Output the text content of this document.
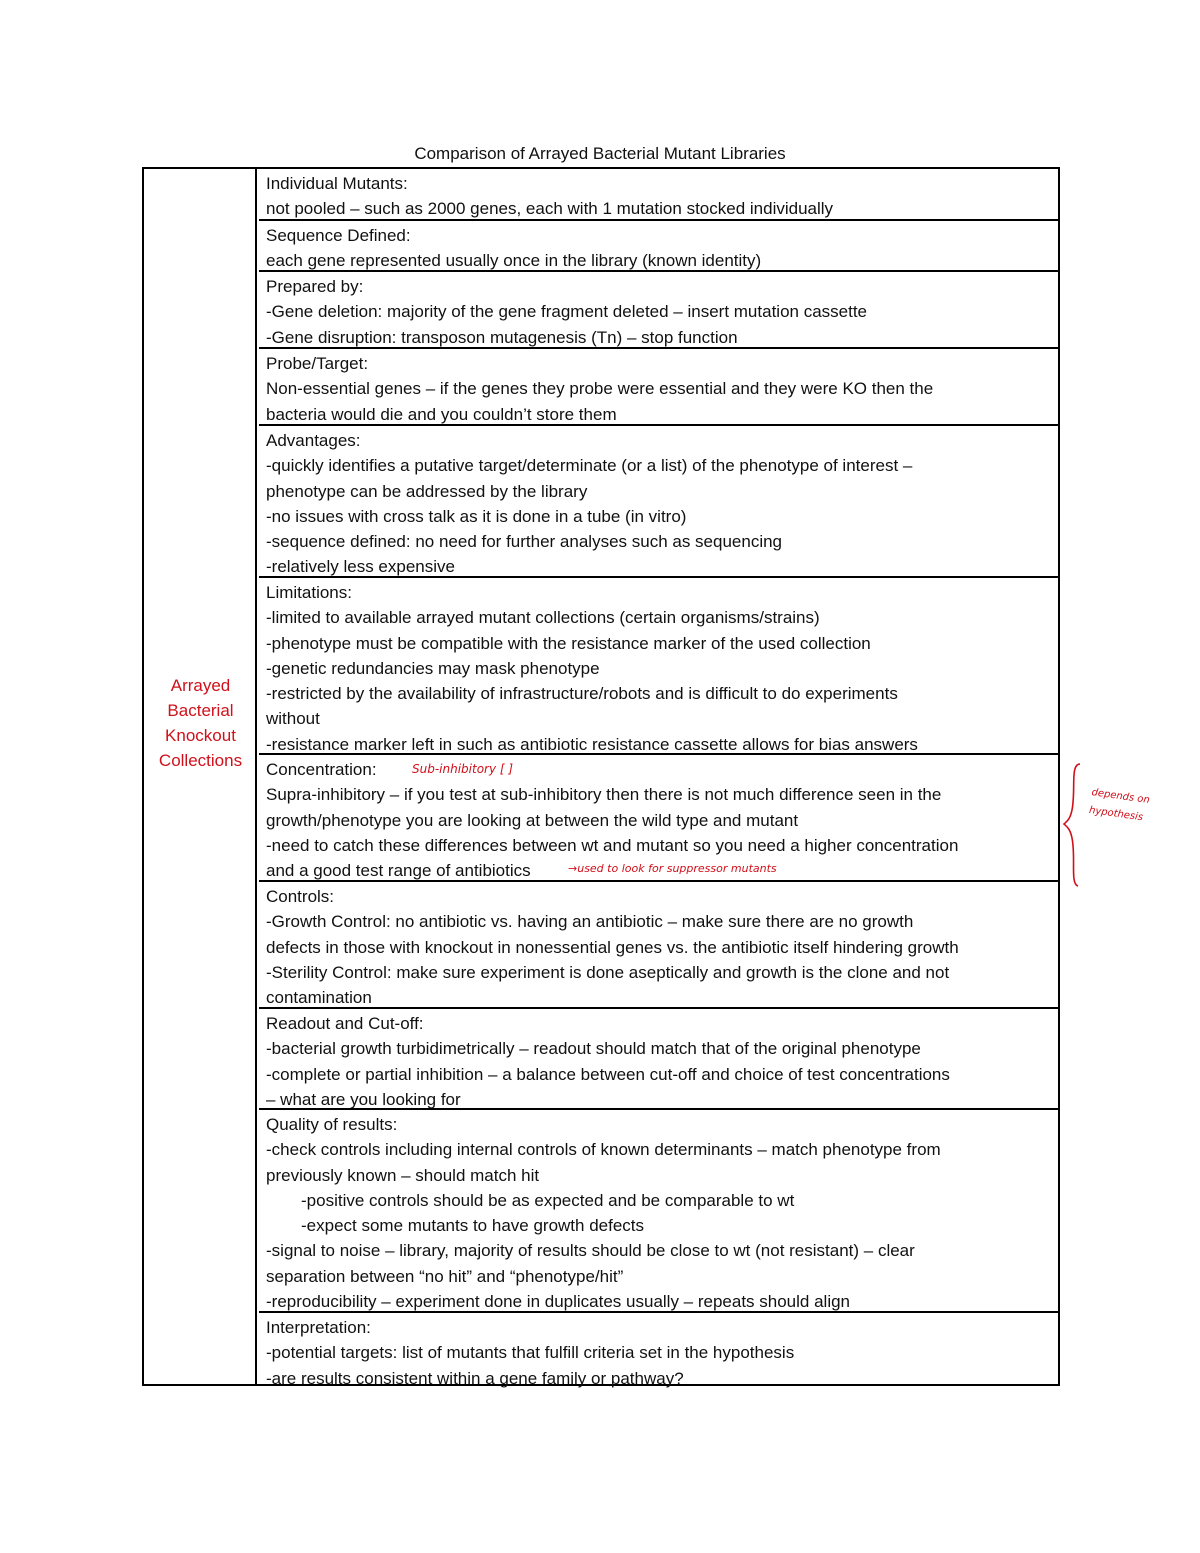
Comparison of Arrayed Bacterial Mutant Libraries
Arrayed
Bacterial
Knockout
Collections

Individual Mutants:

not pooled – such as 2000 genes, each with 1 mutation stocked individually

Sequence Defined:

each gene represented usually once in the library (known identity)

Prepared by:

-Gene deletion: majority of the gene fragment deleted – insert mutation cassette

-Gene disruption: transposon mutagenesis (Tn) – stop function

Probe/Target:

Non-essential genes – if the genes they probe were essential and they were KO then the

bacteria would die and you couldn’t store them

Advantages:

-quickly identifies a putative target/determinate (or a list) of the phenotype of interest –

phenotype can be addressed by the library

-no issues with cross talk as it is done in a tube (in vitro)

-sequence defined: no need for further analyses such as sequencing

-relatively less expensive

Limitations:

-limited to available arrayed mutant collections (certain organisms/strains)

-phenotype must be compatible with the resistance marker of the used collection

-genetic redundancies may mask phenotype

-restricted by the availability of infrastructure/robots and is difficult to do experiments

without

-resistance marker left in such as antibiotic resistance cassette allows for bias answers

Concentration:

Supra-inhibitory – if you test at sub-inhibitory then there is not much difference seen in the

growth/phenotype you are looking at between the wild type and mutant

-need to catch these differences between wt and mutant so you need a higher concentration

and a good test range of antibiotics

Controls:

-Growth Control: no antibiotic vs. having an antibiotic – make sure there are no growth

defects in those with knockout in nonessential genes vs. the antibiotic itself hindering growth

-Sterility Control: make sure experiment is done aseptically and growth is the clone and not

contamination

Readout and Cut-off:

-bacterial growth turbidimetrically – readout should match that of the original phenotype

-complete or partial inhibition – a balance between cut-off and choice of test concentrations

– what are you looking for

Quality of results:

-check controls including internal controls of known determinants – match phenotype from

previously known – should match hit

-positive controls should be as expected and be comparable to wt

-expect some mutants to have growth defects

-signal to noise – library, majority of results should be close to wt (not resistant) – clear

separation between “no hit” and “phenotype/hit”

-reproducibility – experiment done in duplicates usually – repeats should align

Interpretation:

-potential targets: list of mutants that fulfill criteria set in the hypothesis

-are results consistent within a gene family or pathway?

Sub-inhibitory [ ]
→used to look for suppressor mutants
depends on
hypothesis
